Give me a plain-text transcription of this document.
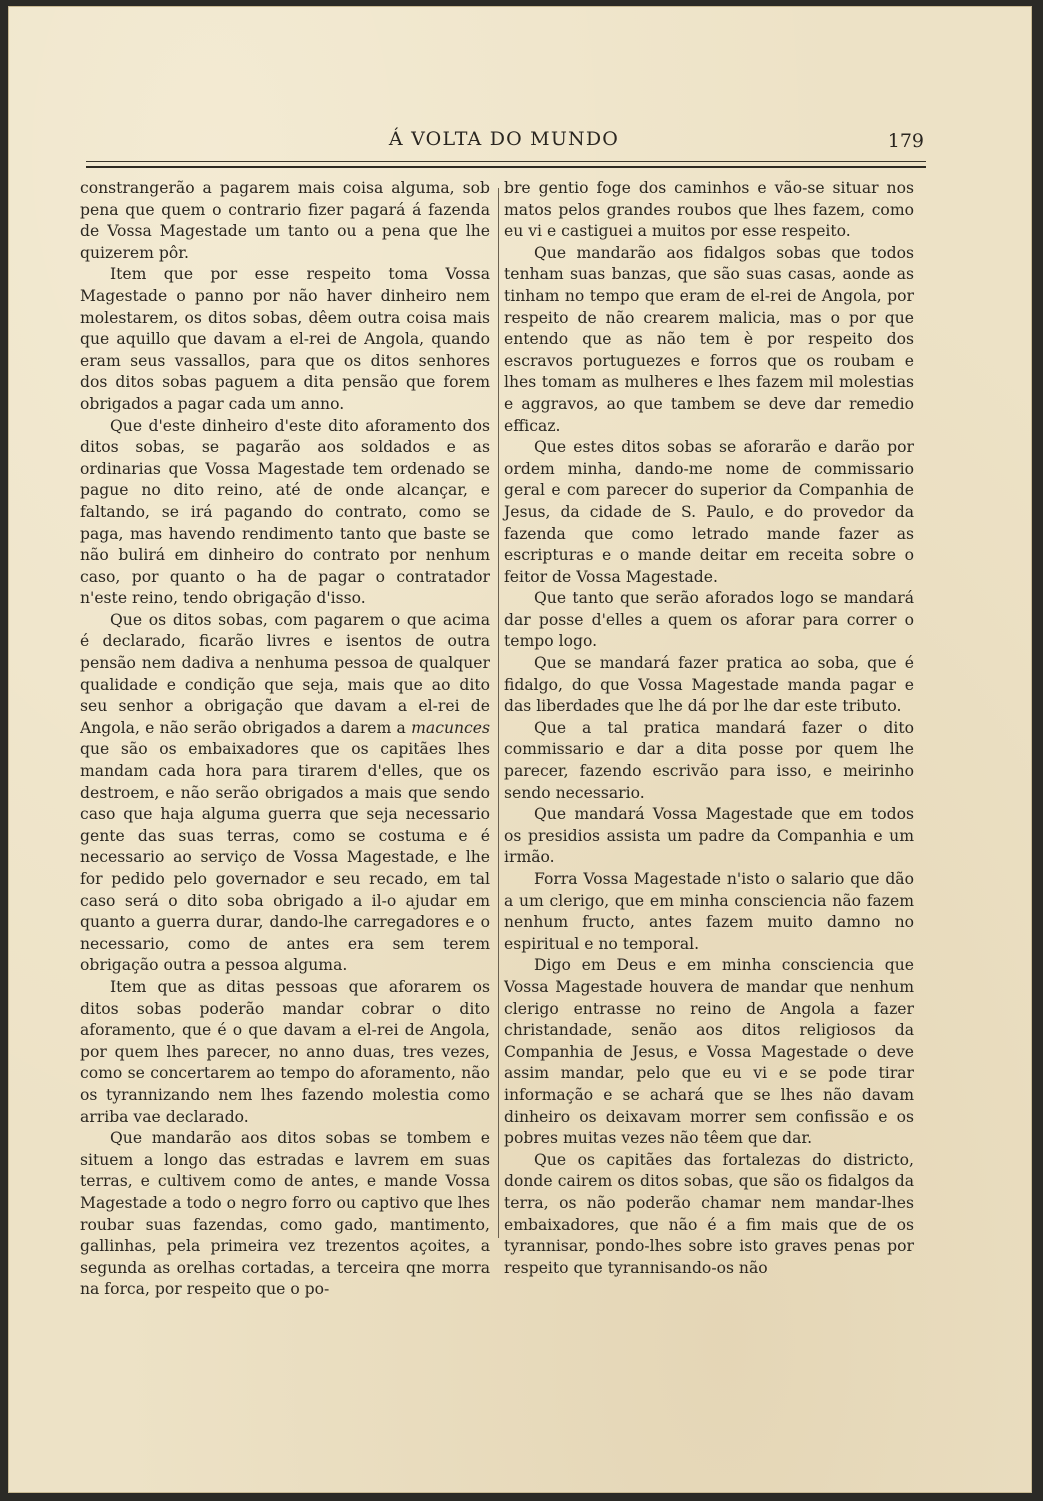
Á VOLTA DO MUNDO	179

constrangerão a pagarem mais coisa alguma, sob pena que quem o contrario fizer pagará á fazenda de Vossa Magestade um tanto ou a pena que lhe quizerem pôr.

Item que por esse respeito toma Vossa Magestade o panno por não haver dinheiro nem molestarem, os ditos sobas, dêem outra coisa mais que aquillo que davam a el-rei de Angola, quando eram seus vassallos, para que os ditos senhores dos ditos sobas paguem a dita pensão que forem obrigados a pagar cada um anno.

Que d'este dinheiro d'este dito aforamento dos ditos sobas, se pagarão aos soldados e as ordinarias que Vossa Magestade tem ordenado se pague no dito reino, até de onde alcançar, e faltando, se irá pagando do contrato, como se paga, mas havendo rendimento tanto que baste se não bulirá em dinheiro do contrato por nenhum caso, por quanto o ha de pagar o contratador n'este reino, tendo obrigação d'isso.

Que os ditos sobas, com pagarem o que acima é declarado, ficarão livres e isentos de outra pensão nem dadiva a nenhuma pessoa de qualquer qualidade e condição que seja, mais que ao dito seu senhor a obrigação que davam a el-rei de Angola, e não serão obrigados a darem a macunces que são os embaixadores que os capitães lhes mandam cada hora para tirarem d'elles, que os destroem, e não serão obrigados a mais que sendo caso que haja alguma guerra que seja necessario gente das suas terras, como se costuma e é necessario ao serviço de Vossa Magestade, e lhe for pedido pelo governador e seu recado, em tal caso será o dito soba obrigado a il-o ajudar em quanto a guerra durar, dando-lhe carregadores e o necessario, como de antes era sem terem obrigação outra a pessoa alguma.

Item que as ditas pessoas que aforarem os ditos sobas poderão mandar cobrar o dito aforamento, que é o que davam a el-rei de Angola, por quem lhes parecer, no anno duas, tres vezes, como se concertarem ao tempo do aforamento, não os tyrannizando nem lhes fazendo molestia como arriba vae declarado.

Que mandarão aos ditos sobas se tombem e situem a longo das estradas e lavrem em suas terras, e cultivem como de antes, e mande Vossa Magestade a todo o negro forro ou captivo que lhes roubar suas fazendas, como gado, mantimento, gallinhas, pela primeira vez trezentos açoites, a segunda as orelhas cortadas, a terceira qne morra na forca, por respeito que o po-

bre gentio foge dos caminhos e vão-se situar nos matos pelos grandes roubos que lhes fazem, como eu vi e castiguei a muitos por esse respeito.

Que mandarão aos fidalgos sobas que todos tenham suas banzas, que são suas casas, aonde as tinham no tempo que eram de el-rei de Angola, por respeito de não crearem malicia, mas o por que entendo que as não tem è por respeito dos escravos portuguezes e forros que os roubam e lhes tomam as mulheres e lhes fazem mil molestias e aggravos, ao que tambem se deve dar remedio efficaz.

Que estes ditos sobas se aforarão e darão por ordem minha, dando-me nome de commissario geral e com parecer do superior da Companhia de Jesus, da cidade de S. Paulo, e do provedor da fazenda que como letrado mande fazer as escripturas e o mande deitar em receita sobre o feitor de Vossa Magestade.

Que tanto que serão aforados logo se mandará dar posse d'elles a quem os aforar para correr o tempo logo.

Que se mandará fazer pratica ao soba, que é fidalgo, do que Vossa Magestade manda pagar e das liberdades que lhe dá por lhe dar este tributo.

Que a tal pratica mandará fazer o dito commissario e dar a dita posse por quem lhe parecer, fazendo escrivão para isso, e meirinho sendo necessario.

Que mandará Vossa Magestade que em todos os presidios assista um padre da Companhia e um irmão.

Forra Vossa Magestade n'isto o salario que dão a um clerigo, que em minha consciencia não fazem nenhum fructo, antes fazem muito damno no espiritual e no temporal.

Digo em Deus e em minha consciencia que Vossa Magestade houvera de mandar que nenhum clerigo entrasse no reino de Angola a fazer christandade, senão aos ditos religiosos da Companhia de Jesus, e Vossa Magestade o deve assim mandar, pelo que eu vi e se pode tirar informação e se achará que se lhes não davam dinheiro os deixavam morrer sem confissão e os pobres muitas vezes não têem que dar.

Que os capitães das fortalezas do districto, donde cairem os ditos sobas, que são os fidalgos da terra, os não poderão chamar nem mandar-lhes embaixadores, que não é a fim mais que de os tyrannisar, pondo-lhes sobre isto graves penas por respeito que tyrannisando-os não
